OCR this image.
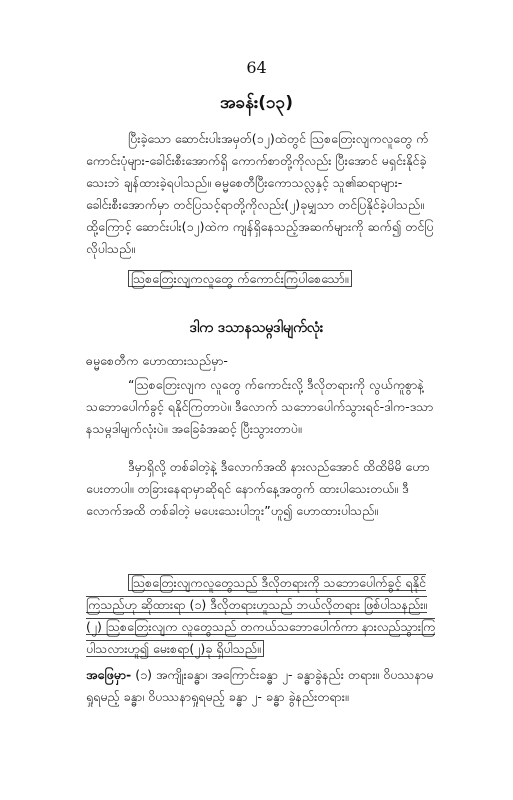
64
အခန်း(၁၃)
ပြီးခဲ့သော ဆောင်းပါးအမှတ်(၁၂)ထဲတွင် သြစတြေးလျကလူတွေ က်ကောင်းပုံများ-ခေါင်းစီးအောက်ရှိ ကောက်စာတို့ကိုလည်း ပြီးအောင် မရှင်းနိုင်ခဲ့သေးဘဲ ချန်ထားခဲ့ရပါသည်။ ဓမ္မစေတီပြီးကောသလ္လနှင့် သူ၏ဆရာများ- ခေါင်းစီးအောက်မှာ တင်ပြသင့်ရာတို့ကိုလည်း(၂)ခုမျှသာ တင်ပြနိုင်ခဲ့ပါသည်။ ထို့ကြောင့် ဆောင်းပါး(၁၂)ထဲက ကျန်ရှိနေသည့်အဆက်များကို ဆက်၍ တင်ပြလိုပါသည်။
သြစတြေးလျကလူတွေ က်ကောင်းကြပါစေသော်။
ဒါက ဒသာနသမ္ဂဒါမျက်လုံး
ဓမ္မစေတီက ဟောထားသည်မှာ-
“သြစတြေးလျက လူတွေ က်ကောင်းလို့ ဒီလိုတရားကို လွယ်ကူစွာနဲ့ သဘောပေါက်ခွင့် ရနိုင်ကြတာပဲ။ ဒီလောက် သဘောပေါက်သွားရင်-ဒါက-ဒသာနသမ္ဂဒါမျက်လုံးပဲ။ အခြေခံအဆင့် ပြီးသွားတာပဲ။
ဒီမှာရှိလို့ တစ်ခါတဲ့နဲ့ ဒီလောက်အထိ နားလည်အောင် ထိထိမိမိ ဟောပေးတာပါ။ တခြားနေရာမှာဆိုရင် နောက်နေ့အတွက် ထားပါသေးတယ်။ ဒီလောက်အထိ တစ်ခါတဲ့ မပေးသေးပါဘူး”ဟူ၍ ဟောထားပါသည်။
သြစတြေးလျကလူတွေသည် ဒီလိုတရားကို သဘောပေါက်ခွင့် ရနိုင်ကြသည်ဟု ဆိုထားရာ (၁) ဒီလိုတရားဟူသည် ဘယ်လိုတရား ဖြစ်ပါသနည်း။ (၂) သြစတြေးလျက လူတွေသည် တကယ်သဘောပေါက်ကာ နားလည်သွားကြပါသလားဟူ၍ မေးစရာ(၂)ခု ရှိပါသည်။
အဖြေမှာ- (၁) အကျိုးခန္ဓာ၊ အကြောင်းခန္ဓာ ၂- ခန္ဓာခွဲနည်း တရား။ ဝိပဿနာမရှုရမည့် ခန္ဓာ၊ ဝိပဿနာရှုရမည့် ခန္ဓာ ၂- ခန္ဓာ ခွဲနည်းတရား။
